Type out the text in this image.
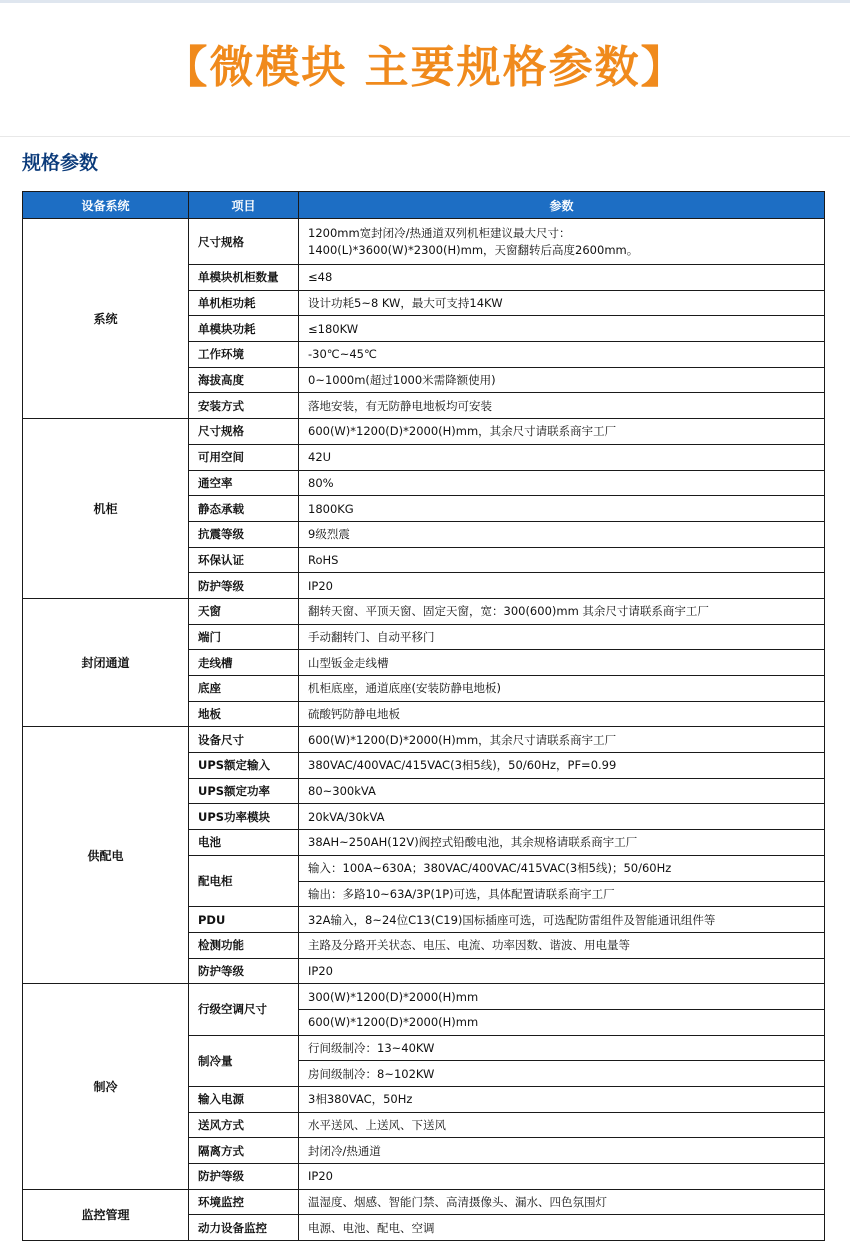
【微模块 主要规格参数】
规格参数
设备系统	项目	参数
系统	尺寸规格	1200mm宽封闭冷/热通道双列机柜建议最大尺寸：
1400(L)*3600(W)*2300(H)mm，天窗翻转后高度2600mm。

	单模块机柜数量	≤48
	单机柜功耗	设计功耗5~8 KW，最大可支持14KW
	单模块功耗	≤180KW
	工作环境	-30℃~45℃
	海拔高度	0~1000m(超过1000米需降额使用)
	安装方式	落地安装，有无防静电地板均可安装
机柜	尺寸规格	600(W)*1200(D)*2000(H)mm，其余尺寸请联系商宇工厂
	可用空间	42U
	通空率	80%
	静态承载	1800KG
	抗震等级	9级烈震
	环保认证	RoHS
	防护等级	IP20
封闭通道	天窗	翻转天窗、平顶天窗、固定天窗，宽：300(600)mm 其余尺寸请联系商宇工厂
	端门	手动翻转门、自动平移门
	走线槽	山型钣金走线槽
	底座	机柜底座，通道底座(安装防静电地板)
	地板	硫酸钙防静电地板
供配电	设备尺寸	600(W)*1200(D)*2000(H)mm，其余尺寸请联系商宇工厂
	UPS额定输入	380VAC/400VAC/415VAC(3相5线)，50/60Hz，PF=0.99
	UPS额定功率	80~300kVA
	UPS功率模块	20kVA/30kVA
	电池	38AH~250AH(12V)阀控式铅酸电池，其余规格请联系商宇工厂
	配电柜	输入：100A~630A；380VAC/400VAC/415VAC(3相5线)；50/60Hz
		输出：多路10~63A/3P(1P)可选，具体配置请联系商宇工厂
	PDU	32A输入，8~24位C13(C19)国标插座可选，可选配防雷组件及智能通讯组件等
	检测功能	主路及分路开关状态、电压、电流、功率因数、谐波、用电量等
	防护等级	IP20
制冷	行级空调尺寸	300(W)*1200(D)*2000(H)mm
		600(W)*1200(D)*2000(H)mm
	制冷量	行间级制冷：13~40KW
		房间级制冷：8~102KW
	输入电源	3相380VAC，50Hz
	送风方式	水平送风、上送风、下送风
	隔离方式	封闭冷/热通道
	防护等级	IP20
监控管理	环境监控	温湿度、烟感、智能门禁、高清摄像头、漏水、四色氛围灯
	动力设备监控	电源、电池、配电、空调
